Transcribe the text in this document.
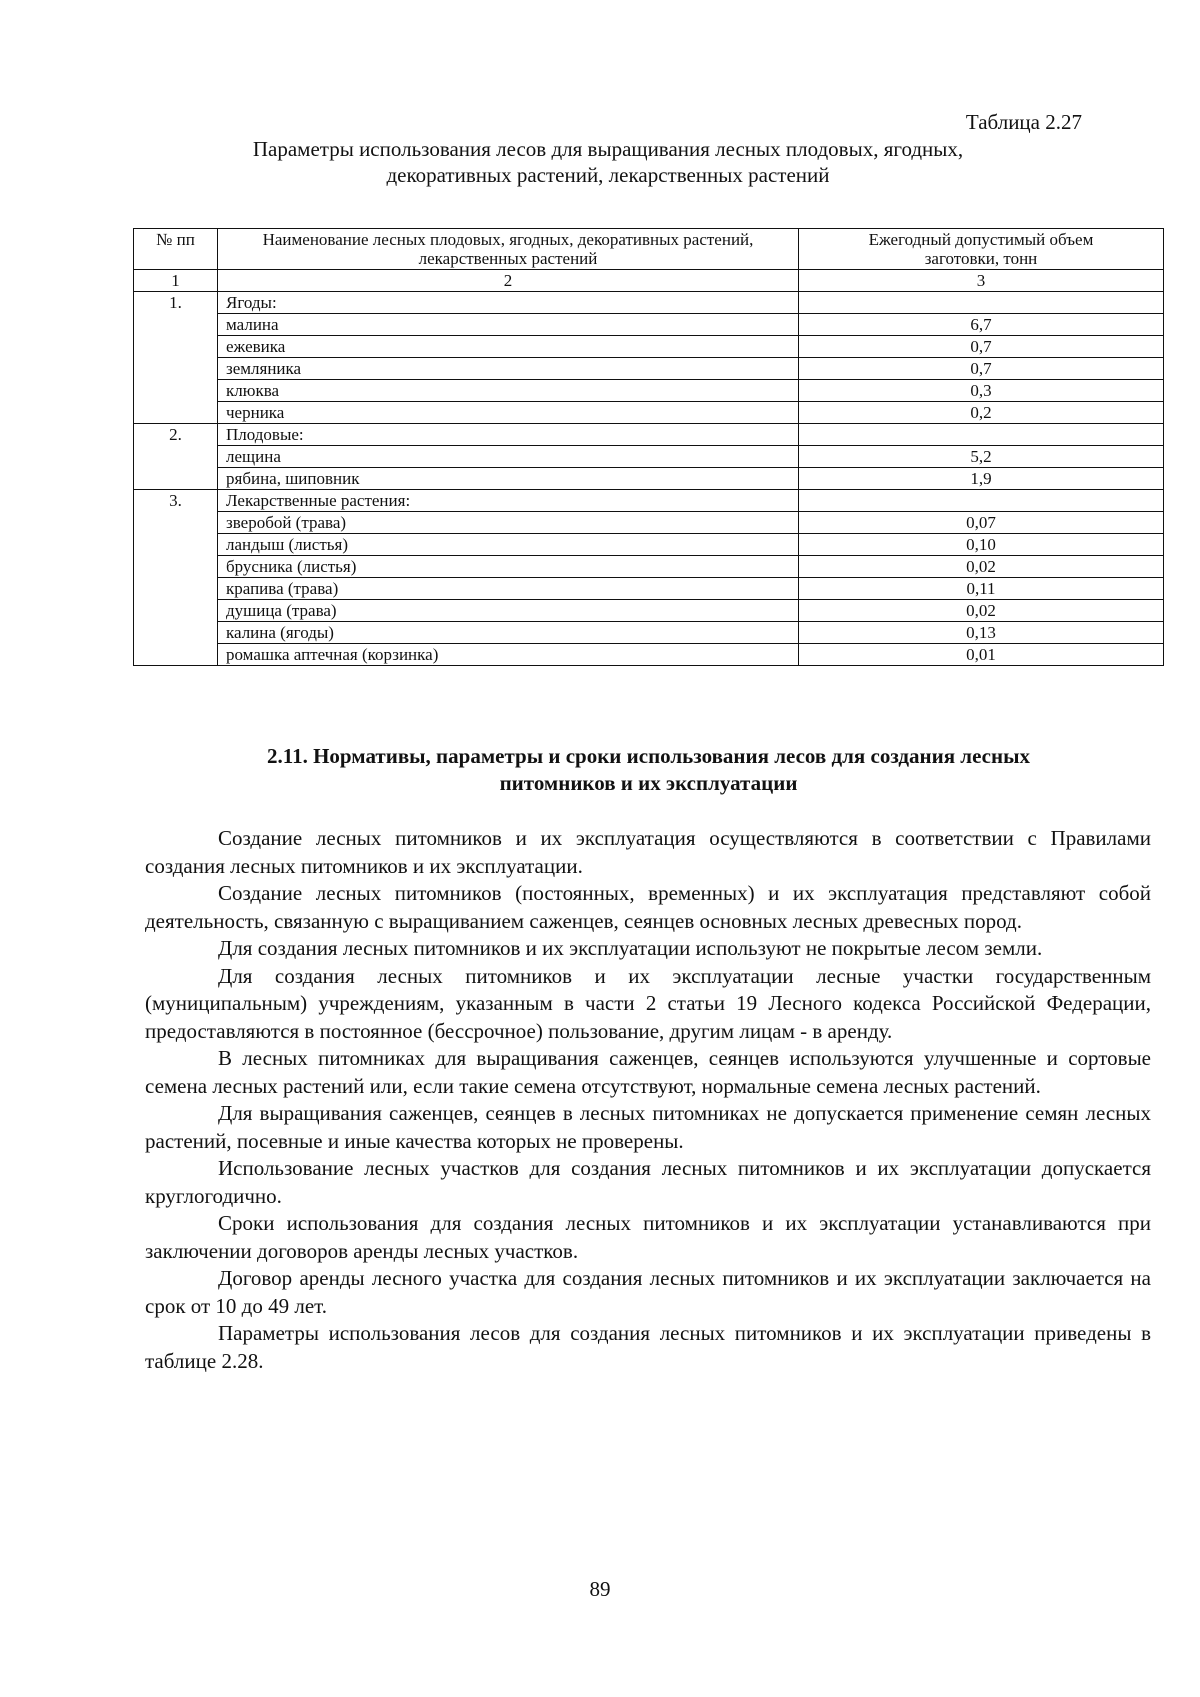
Таблица 2.27
Параметры использования лесов для выращивания лесных плодовых, ягодных,
декоративных растений, лекарственных растений
№ пп	Наименование лесных плодовых, ягодных, декоративных растений, лекарственных растений	Ежегодный допустимый объем заготовки, тонн
1	2	3
1.	Ягоды:	
	малина	6,7
	ежевика	0,7
	земляника	0,7
	клюква	0,3
	черника	0,2
2.	Плодовые:	
	лещина	5,2
	рябина, шиповник	1,9
3.	Лекарственные растения:	
	зверобой (трава)	0,07
	ландыш (листья)	0,10
	брусника (листья)	0,02
	крапива (трава)	0,11
	душица (трава)	0,02
	калина (ягоды)	0,13
	ромашка аптечная (корзинка)	0,01
2.11. Нормативы, параметры и сроки использования лесов для создания лесных
питомников и их эксплуатации

Создание лесных питомников и их эксплуатация осуществляются в соответствии с Правилами создания лесных питомников и их эксплуатации.

Создание лесных питомников (постоянных, временных) и их эксплуатация представляют собой деятельность, связанную с выращиванием саженцев, сеянцев основных лесных древесных пород.

Для создания лесных питомников и их эксплуатации используют не покрытые лесом земли.

Для создания лесных питомников и их эксплуатации лесные участки государственным (муниципальным) учреждениям, указанным в части 2 статьи 19 Лесного кодекса Российской Федерации, предоставляются в постоянное (бессрочное) пользование, другим лицам - в аренду.

В лесных питомниках для выращивания саженцев, сеянцев используются улучшенные и сортовые семена лесных растений или, если такие семена отсутствуют, нормальные семена лесных растений.

Для выращивания саженцев, сеянцев в лесных питомниках не допускается применение семян лесных растений, посевные и иные качества которых не проверены.

Использование лесных участков для создания лесных питомников и их эксплуатации допускается круглогодично.

Сроки использования для создания лесных питомников и их эксплуатации устанавливаются при заключении договоров аренды лесных участков.

Договор аренды лесного участка для создания лесных питомников и их эксплуатации заключается на срок от 10 до 49 лет.

Параметры использования лесов для создания лесных питомников и их эксплуатации приведены в таблице 2.28.

89
